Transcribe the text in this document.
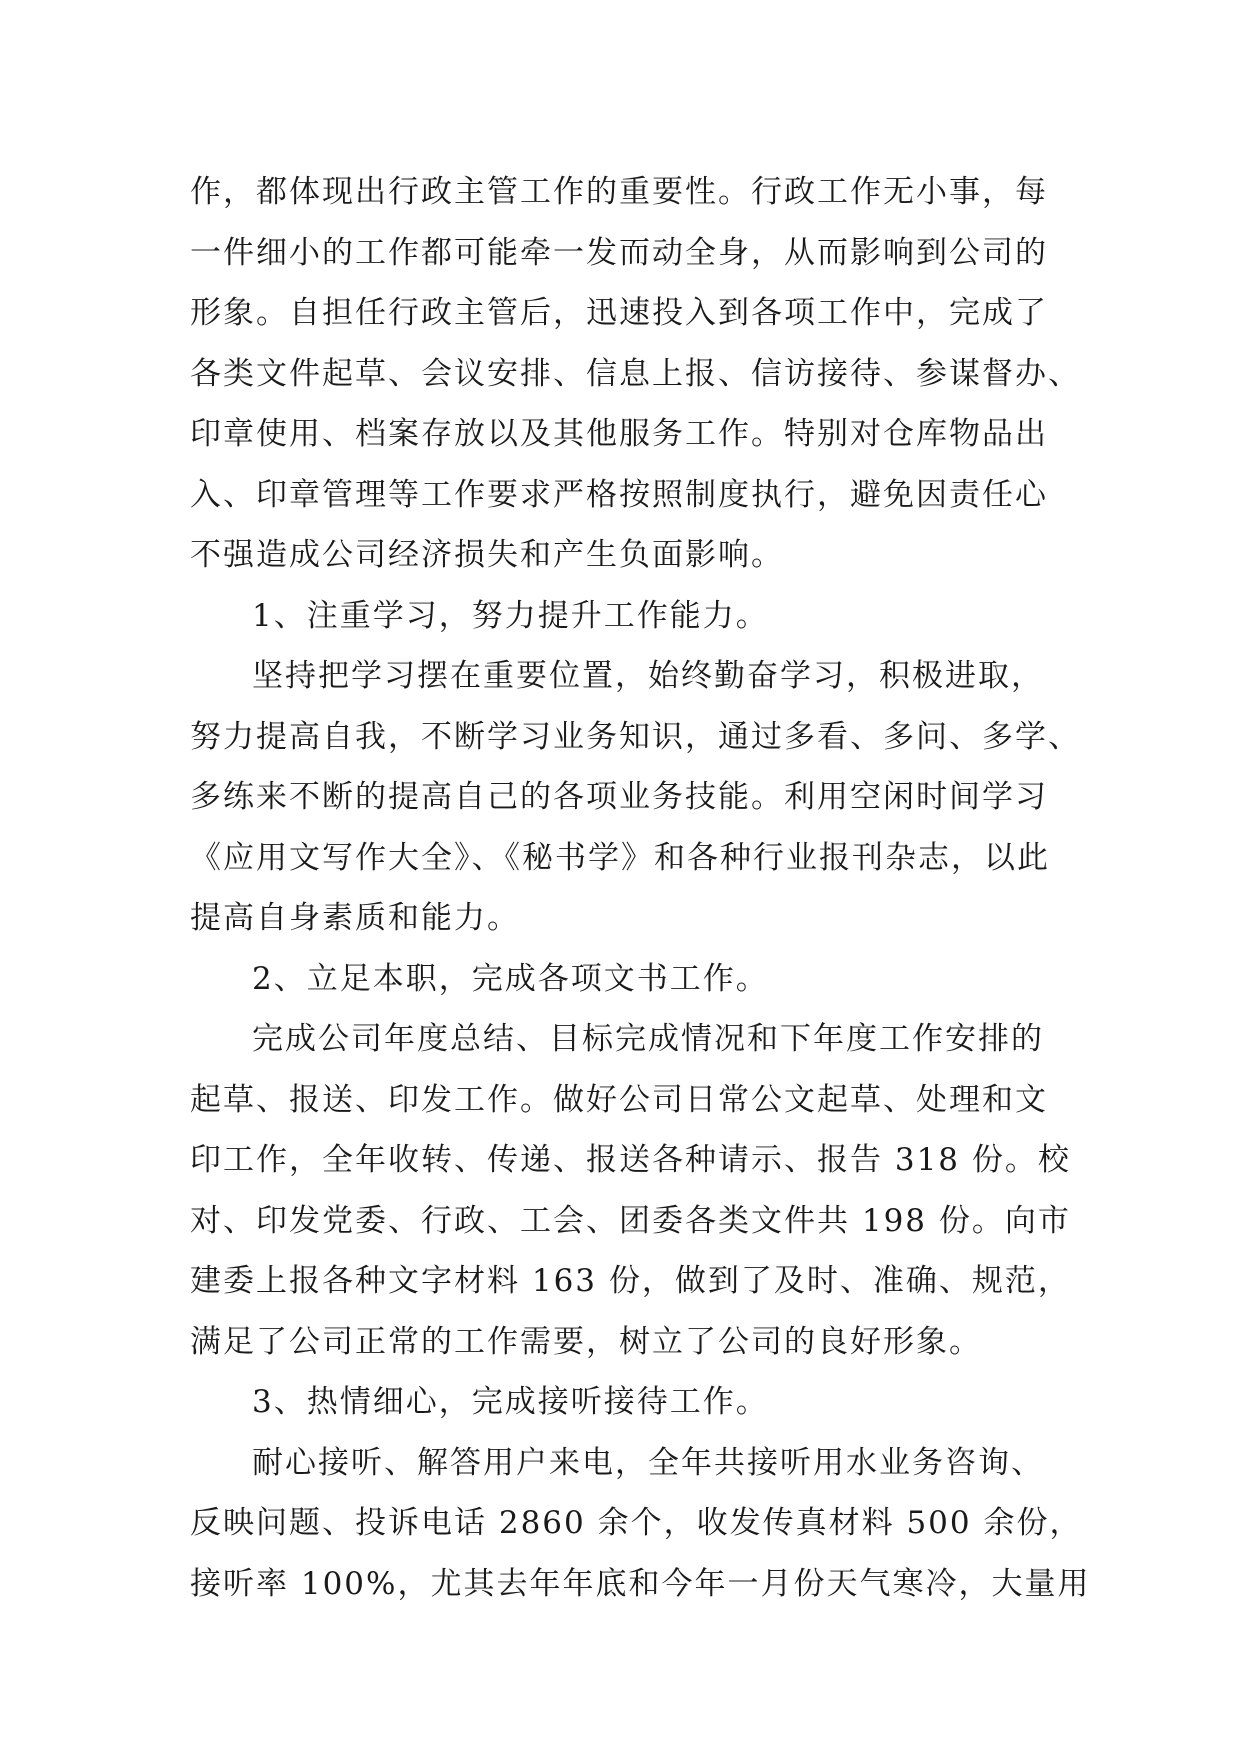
作，都体现出行政主管工作的重要性。行政工作无小事，每
一件细小的工作都可能牵一发而动全身，从而影响到公司的
形象。自担任行政主管后，迅速投入到各项工作中，完成了
各类文件起草、会议安排、信息上报、信访接待、参谋督办、
印章使用、档案存放以及其他服务工作。特别对仓库物品出
入、印章管理等工作要求严格按照制度执行，避免因责任心
不强造成公司经济损失和产生负面影响。
1、注重学习，努力提升工作能力。
坚持把学习摆在重要位置，始终勤奋学习，积极进取，
努力提高自我，不断学习业务知识，通过多看、多问、多学、
多练来不断的提高自己的各项业务技能。利用空闲时间学习
《应用文写作大全》、《秘书学》和各种行业报刊杂志，以此
提高自身素质和能力。
2、立足本职，完成各项文书工作。
完成公司年度总结、目标完成情况和下年度工作安排的
起草、报送、印发工作。做好公司日常公文起草、处理和文
印工作，全年收转、传递、报送各种请示、报告 318 份。校
对、印发党委、行政、工会、团委各类文件共 198 份。向市
建委上报各种文字材料 163 份，做到了及时、准确、规范，
满足了公司正常的工作需要，树立了公司的良好形象。
3、热情细心，完成接听接待工作。
耐心接听、解答用户来电，全年共接听用水业务咨询、
反映问题、投诉电话 2860 余个，收发传真材料 500 余份，
接听率 100%，尤其去年年底和今年一月份天气寒冷，大量用
